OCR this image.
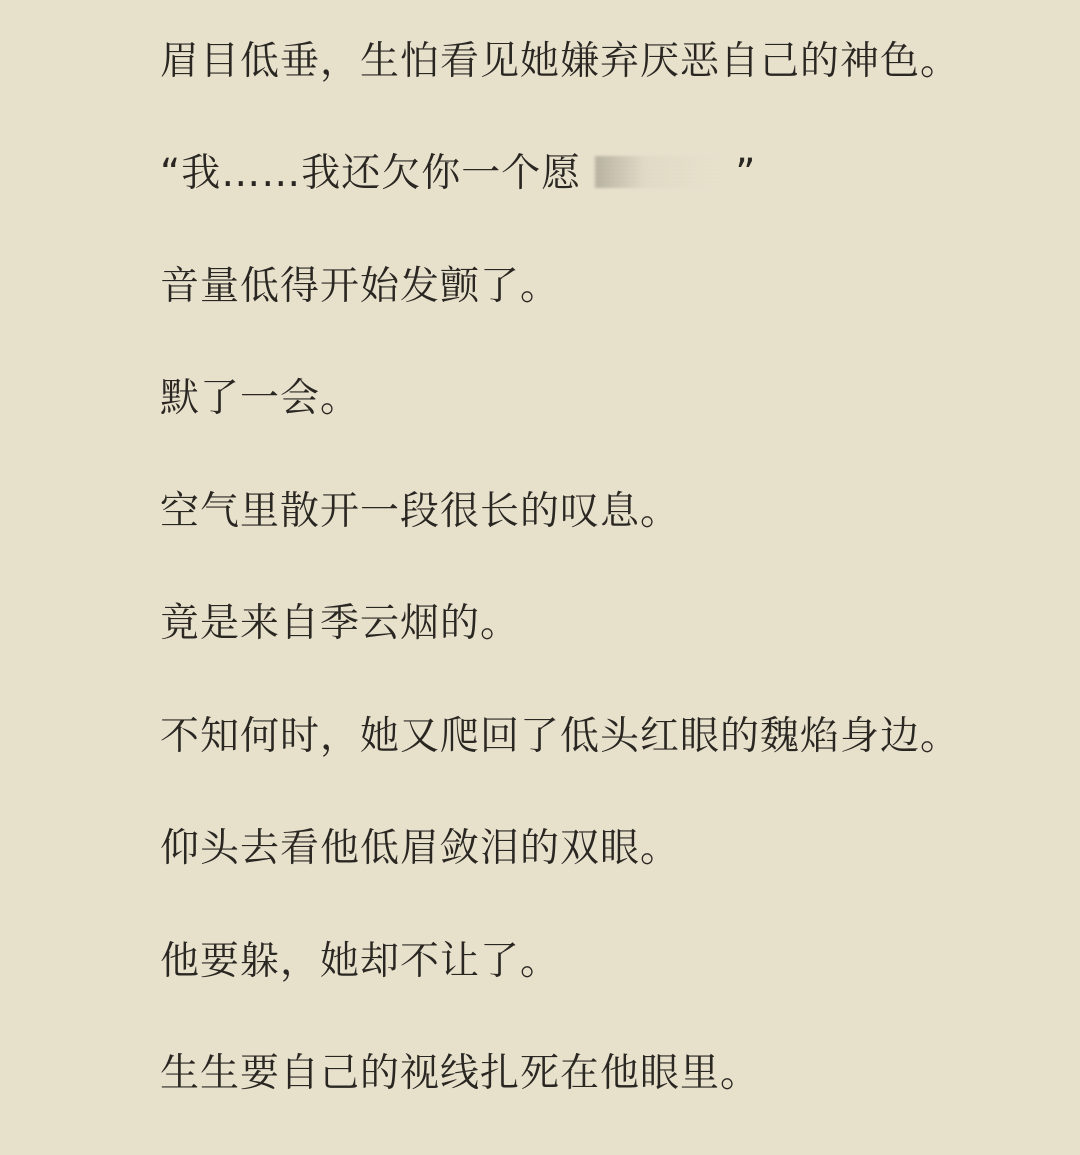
眉目低垂，生怕看见她嫌弃厌恶自己的神色。
“我……我还欠你一个愿	”
音量低得开始发颤了。
默了一会。
空气里散开一段很长的叹息。
竟是来自季云烟的。
不知何时，她又爬回了低头红眼的魏焰身边。
仰头去看他低眉敛泪的双眼。
他要躲，她却不让了。
生生要自己的视线扎死在他眼里。
